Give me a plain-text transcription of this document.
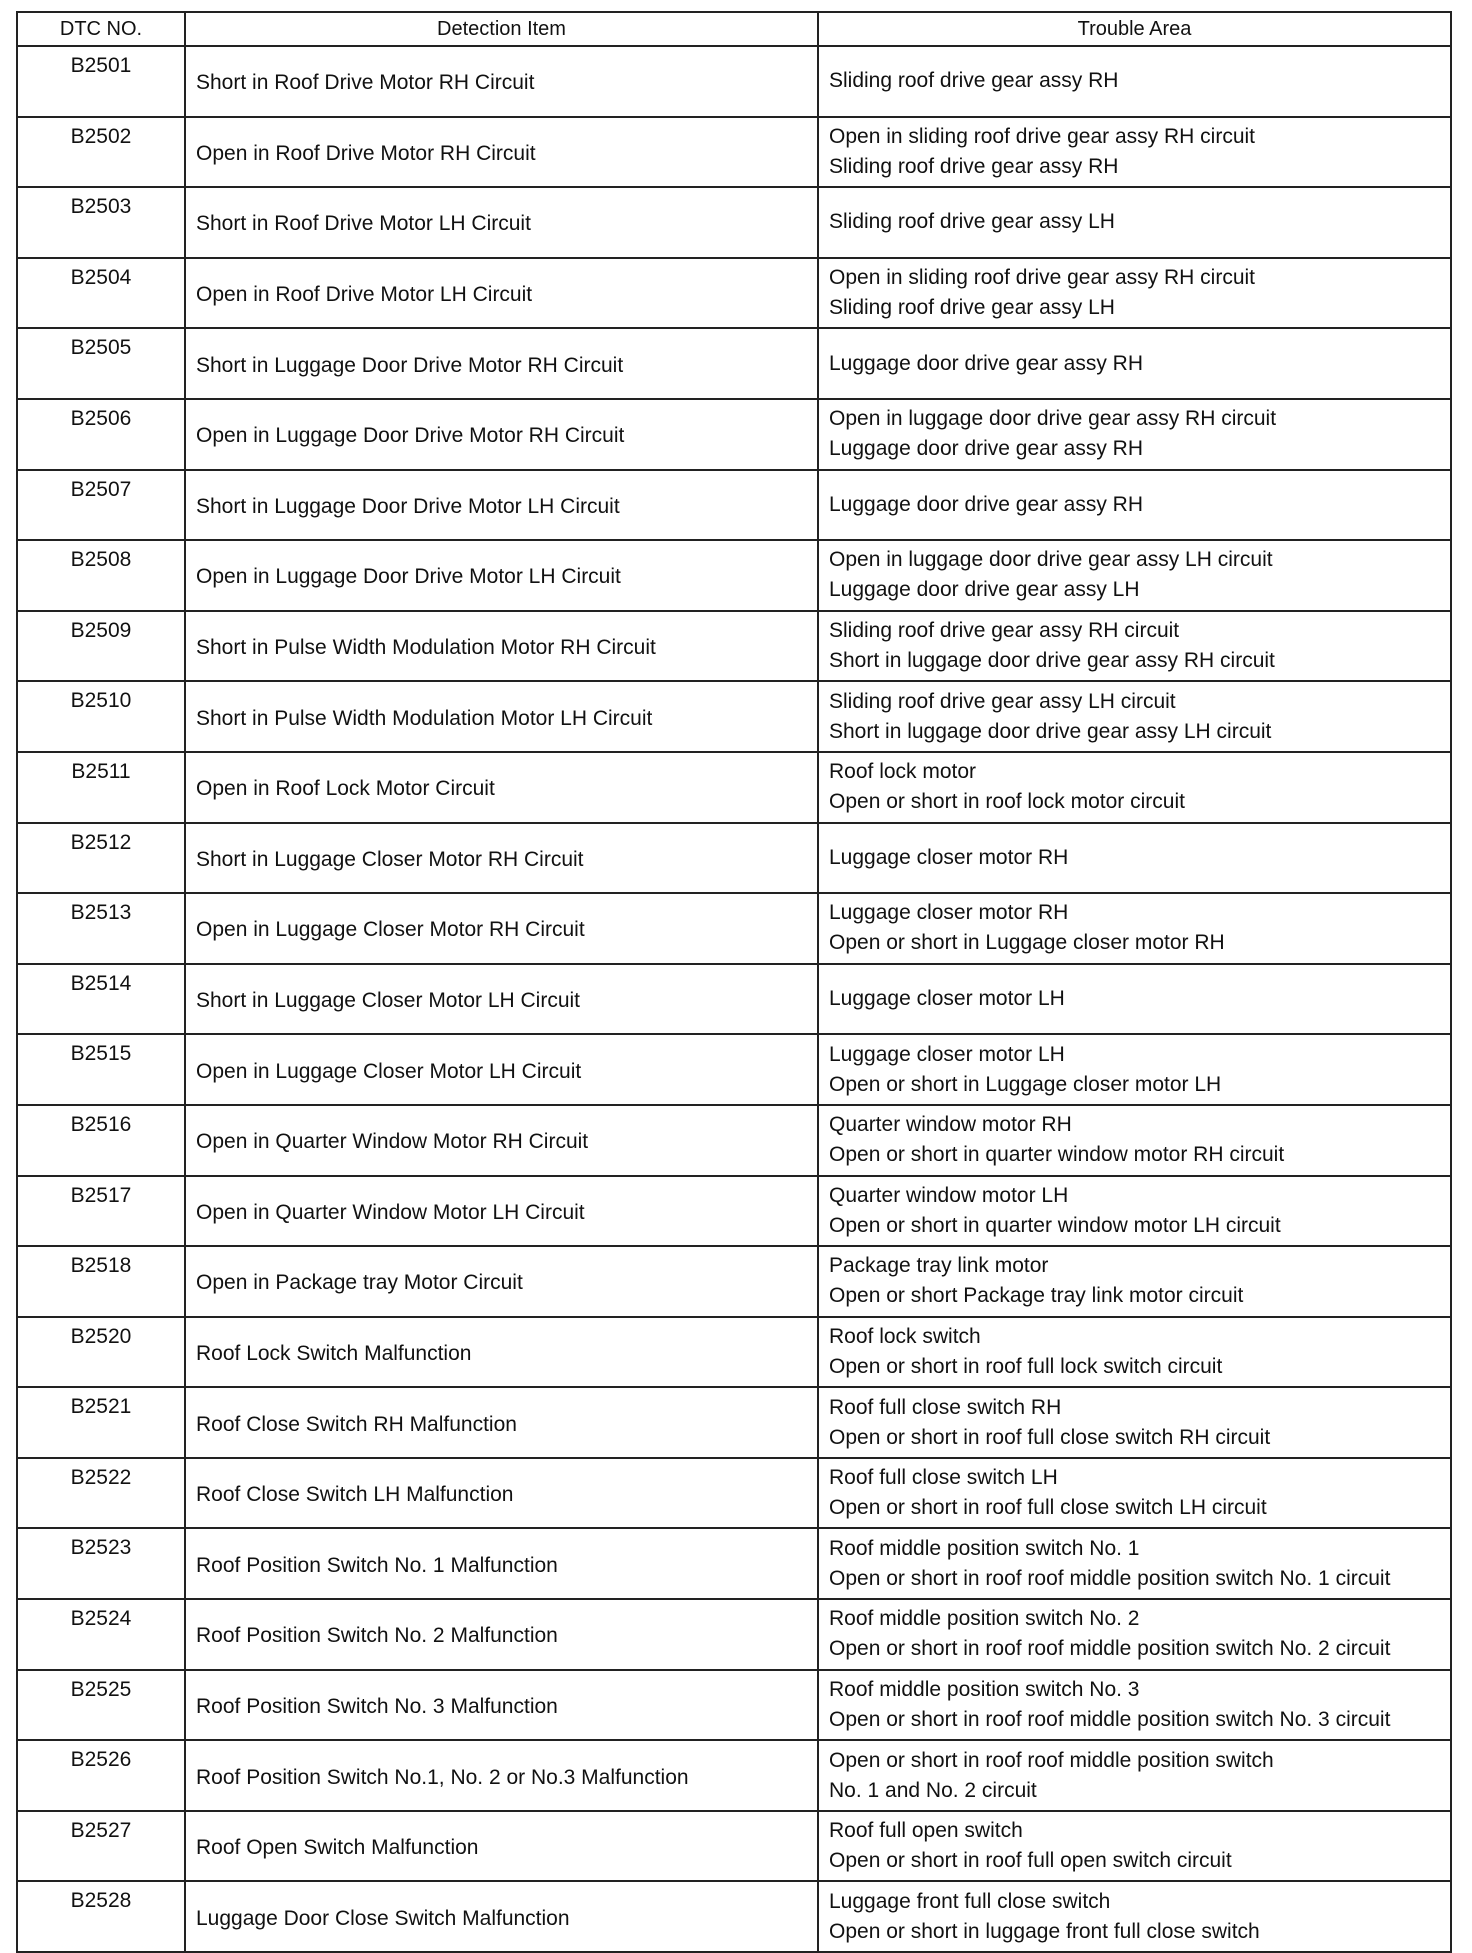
DTC NO.	Detection Item	Trouble Area
B2501	Short in Roof Drive Motor RH Circuit	Sliding roof drive gear assy RH

B2502	Open in Roof Drive Motor RH Circuit	Open in sliding roof drive gear assy RH circuit
Sliding roof drive gear assy RH

B2503	Short in Roof Drive Motor LH Circuit	Sliding roof drive gear assy LH

B2504	Open in Roof Drive Motor LH Circuit	Open in sliding roof drive gear assy RH circuit
Sliding roof drive gear assy LH

B2505	Short in Luggage Door Drive Motor RH Circuit	Luggage door drive gear assy RH

B2506	Open in Luggage Door Drive Motor RH Circuit	Open in luggage door drive gear assy RH circuit
Luggage door drive gear assy RH

B2507	Short in Luggage Door Drive Motor LH Circuit	Luggage door drive gear assy RH

B2508	Open in Luggage Door Drive Motor LH Circuit	Open in luggage door drive gear assy LH circuit
Luggage door drive gear assy LH

B2509	Short in Pulse Width Modulation Motor RH Circuit	Sliding roof drive gear assy RH circuit
Short in luggage door drive gear assy RH circuit

B2510	Short in Pulse Width Modulation Motor LH Circuit	Sliding roof drive gear assy LH circuit
Short in luggage door drive gear assy LH circuit

B2511	Open in Roof Lock Motor Circuit	Roof lock motor
Open or short in roof lock motor circuit

B2512	Short in Luggage Closer Motor RH Circuit	Luggage closer motor RH

B2513	Open in Luggage Closer Motor RH Circuit	Luggage closer motor RH
Open or short in Luggage closer motor RH

B2514	Short in Luggage Closer Motor LH Circuit	Luggage closer motor LH

B2515	Open in Luggage Closer Motor LH Circuit	Luggage closer motor LH
Open or short in Luggage closer motor LH

B2516	Open in Quarter Window Motor RH Circuit	Quarter window motor RH
Open or short in quarter window motor RH circuit

B2517	Open in Quarter Window Motor LH Circuit	Quarter window motor LH
Open or short in quarter window motor LH circuit

B2518	Open in Package tray Motor Circuit	Package tray link motor
Open or short Package tray link motor circuit

B2520	Roof Lock Switch Malfunction	Roof lock switch
Open or short in roof full lock switch circuit

B2521	Roof Close Switch RH Malfunction	Roof full close switch RH
Open or short in roof full close switch RH circuit

B2522	Roof Close Switch LH Malfunction	Roof full close switch LH
Open or short in roof full close switch LH circuit

B2523	Roof Position Switch No. 1 Malfunction	Roof middle position switch No. 1
Open or short in roof roof middle position switch No. 1 circuit

B2524	Roof Position Switch No. 2 Malfunction	Roof middle position switch No. 2
Open or short in roof roof middle position switch No. 2 circuit

B2525	Roof Position Switch No. 3 Malfunction	Roof middle position switch No. 3
Open or short in roof roof middle position switch No. 3 circuit

B2526	Roof Position Switch No.1, No. 2 or No.3 Malfunction	Open or short in roof roof middle position switch
No. 1 and No. 2 circuit

B2527	Roof Open Switch Malfunction	Roof full open switch
Open or short in roof full open switch circuit

B2528	Luggage Door Close Switch Malfunction	Luggage front full close switch
Open or short in luggage front full close switch
